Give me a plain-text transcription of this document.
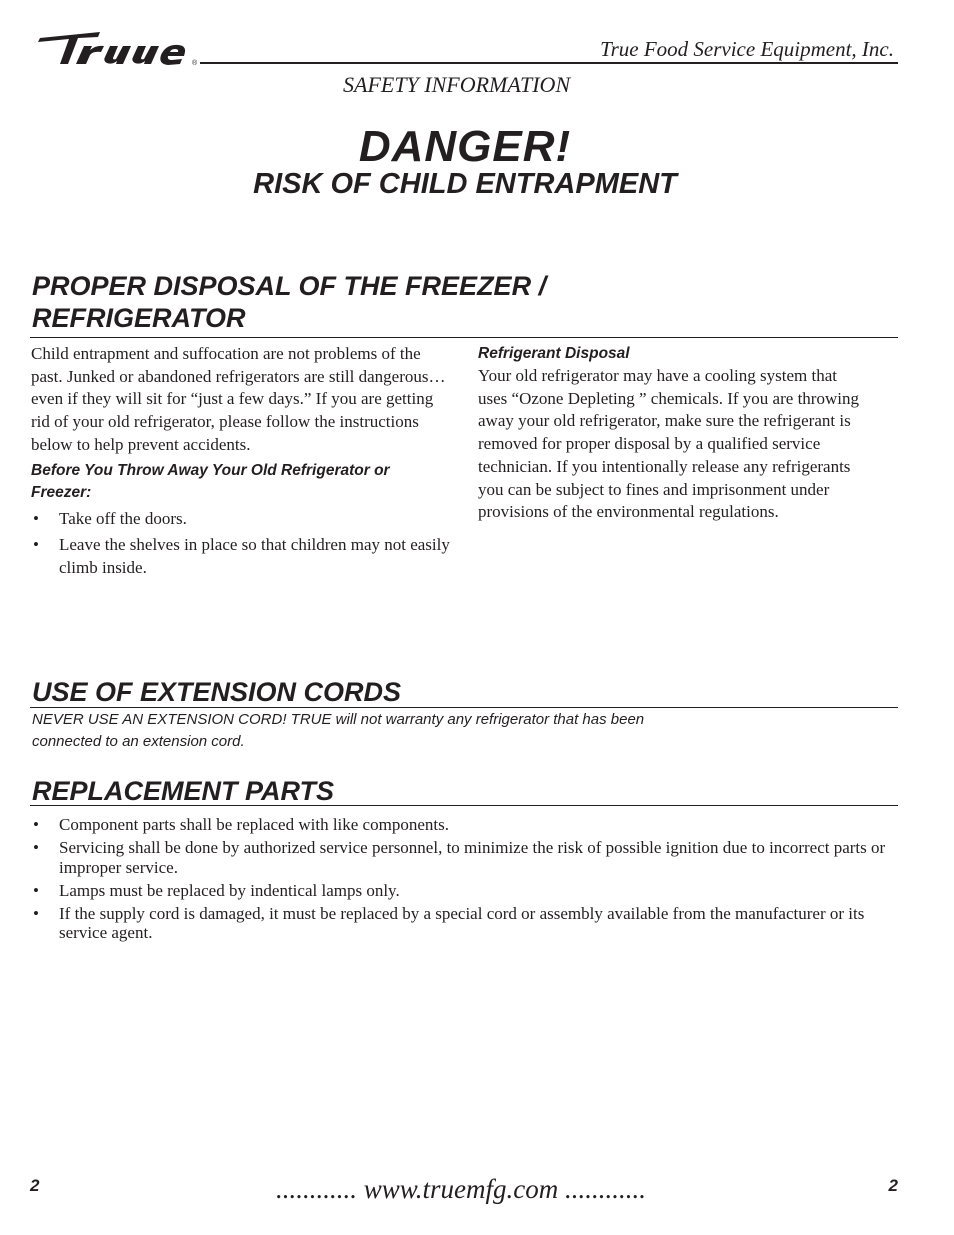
®
True Food Service Equipment, Inc.
SAFETY INFORMATION
DANGER!
RISK OF CHILD ENTRAPMENT
PROPER DISPOSAL OF THE FREEZER /
REFRIGERATOR

Child entrapment and suffocation are not problems of the past. Junked or abandoned refrigerators are still dangerous… even if they will sit for “just a few days.” If you are getting rid of your old refrigerator, please follow the instructions below to help prevent accidents.

Before You Throw Away Your Old Refrigerator or Freezer:

• Take off the doors.
• Leave the shelves in place so that children may not easily climb inside.

Refrigerant Disposal

Your old refrigerator may have a cooling system that uses “Ozone Depleting ” chemicals. If you are throwing away your old refrigerator, make sure the refrigerant is removed for proper disposal by a qualified service technician. If you intentionally release any refrigerants you can be subject to fines and imprisonment under provisions of the environmental regulations.

USE OF EXTENSION CORDS

NEVER USE AN EXTENSION CORD! TRUE will not warranty any refrigerator that has been connected to an extension cord.

REPLACEMENT PARTS
• Component parts shall be replaced with like components.
• Servicing shall be done by authorized service personnel, to minimize the risk of possible ignition due to incorrect parts or improper service.
• Lamps must be replaced by indentical lamps only.
• If the supply cord is damaged, it must be replaced by a special cord or assembly available from the manufacturer or its service agent.
2	............ www.truemfg.com ............	2
